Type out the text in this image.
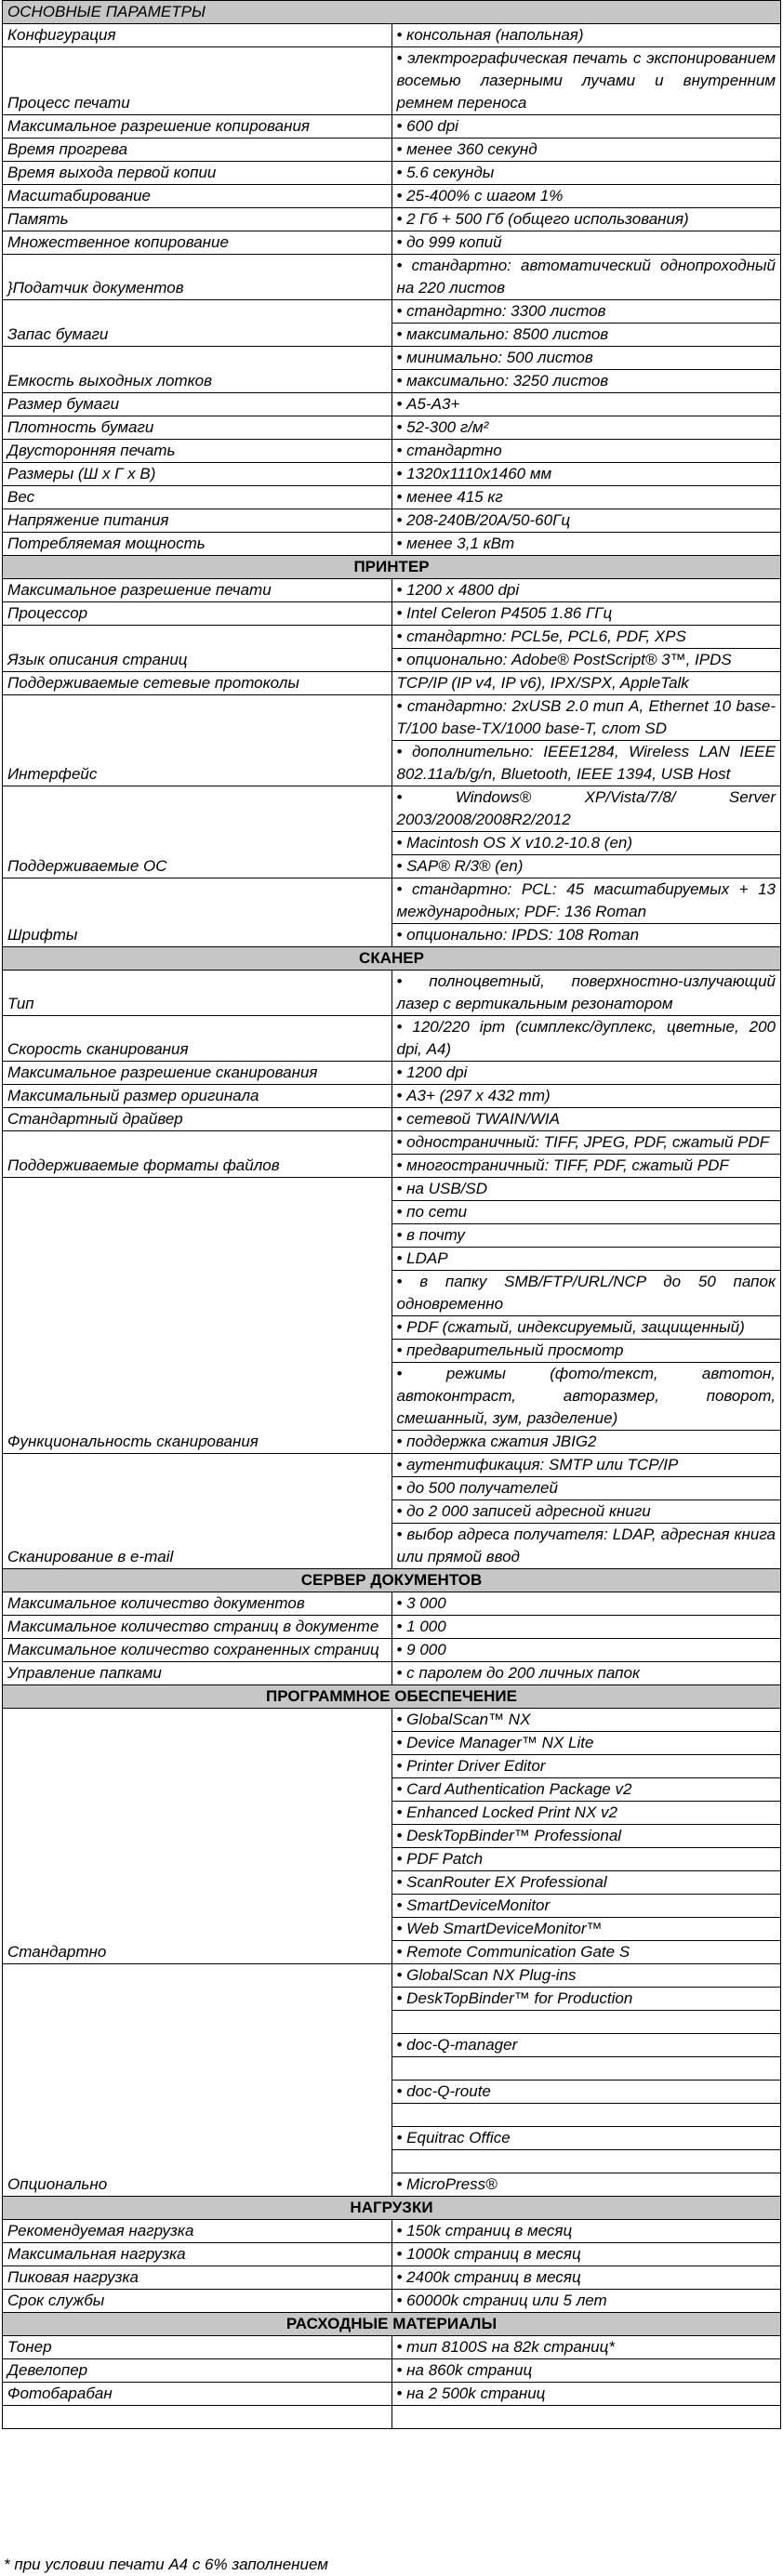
ОСНОВНЫЕ ПАРАМЕТРЫ	
Конфигурация	• консольная (напольная)
Процесс печати	• электрографическая печать с экспонированием восемью лазерными лучами и внутренним ремнем переноса
Максимальное разрешение копирования	• 600 dpi
Время прогрева	• менее 360 секунд
Время выхода первой копии	• 5.6 секунды
Масштабирование	• 25-400% с шагом 1%
Память	• 2 Гб + 500 Гб (общего использования)
Множественное копирование	• до 999 копий
}Податчик документов	• стандартно: автоматический однопроходный на 220 листов
Запас бумаги	• стандартно: 3300 листов
	• максимально: 8500 листов
Емкость выходных лотков	• минимально: 500 листов
	• максимально: 3250 листов
Размер бумаги	• А5-А3+
Плотность бумаги	• 52-300 г/м²
Двусторонняя печать	• стандартно
Размеры (Ш х Г х В)	• 1320х1110х1460 мм
Вес	• менее 415 кг
Напряжение питания	• 208-240В/20А/50-60Гц
Потребляемая мощность	• менее 3,1 кВт
ПРИНТЕР	
Максимальное разрешение печати	• 1200 x 4800 dpi
Процессор	• Intel Celeron P4505 1.86 ГГц
Язык описания страниц	• стандартно: PCL5e, PCL6, PDF, XPS
	• опционально: Adobe® PostScript® 3™, IPDS
Поддерживаемые сетевые протоколы	TCP/IP (IP v4, IP v6), IPX/SPX, AppleTalk
Интерфейс	• стандартно: 2xUSB 2.0 тип А, Ethernet 10 base-T/100 base-TX/1000 base-T, слот SD
	• дополнительно: IEEE1284, Wireless LAN IEEE 802.11a/b/g/n, Bluetooth, IEEE 1394, USB Host
Поддерживаемые ОС	• Windows® XP/Vista/7/8/ Server 2003/2008/2008R2/2012
	• Macintosh OS X v10.2-10.8 (en)
	• SAP® R/3® (en)
Шрифты	• стандартно: PCL: 45 масштабируемых + 13 международных; PDF: 136 Roman
	• опционально: IPDS: 108 Roman
СКАНЕР	
Тип	• полноцветный, поверхностно-излучающий лазер с вертикальным резонатором
Скорость сканирования	• 120/220 ipm (симплекс/дуплекс, цветные, 200 dpi, А4)
Максимальное разрешение сканирования	• 1200 dpi
Максимальный размер оригинала	• А3+ (297 x 432 mm)
Стандартный драйвер	• сетевой TWAIN/WIA
Поддерживаемые форматы файлов	• одностраничный: TIFF, JPEG, PDF, сжатый PDF
	• многостраничный: TIFF, PDF, сжатый PDF
Функциональность сканирования	• на USB/SD
	• по сети
	• в почту
	• LDAP
	• в папку SMB/FTP/URL/NCP до 50 папок одновременно
	• PDF (сжатый, индексируемый, защищенный)
	• предварительный просмотр
	• режимы (фото/текст, автотон, автоконтраст, авторазмер, поворот, смешанный, зум, разделение)
	• поддержка сжатия JBIG2
Сканирование в e-mail	• аутентификация: SMTP или TCP/IP
	• до 500 получателей
	• до 2 000 записей адресной книги
	• выбор адреса получателя: LDAP, адресная книга или прямой ввод
СЕРВЕР ДОКУМЕНТОВ	
Максимальное количество документов	• 3 000
Максимальное количество страниц в документе	• 1 000
Максимальное количество сохраненных страниц	• 9 000
Управление папками	• с паролем до 200 личных папок
ПРОГРАММНОЕ ОБЕСПЕЧЕНИЕ	
Стандартно	• GlobalScan™ NX
	• Device Manager™ NX Lite
	• Printer Driver Editor
	• Card Authentication Package v2
	• Enhanced Locked Print NX v2
	• DeskTopBinder™ Professional
	• PDF Patch
	• ScanRouter EX Professional
	• SmartDeviceMonitor
	• Web SmartDeviceMonitor™
	• Remote Communication Gate S
Опционально	• GlobalScan NX Plug-ins
	• DeskTopBinder™ for Production

	• doc-Q-manager

	• doc-Q-route

	• Equitrac Office

	• MicroPress®
НАГРУЗКИ	
Рекомендуемая нагрузка	• 150k страниц в месяц
Максимальная нагрузка	• 1000k страниц в месяц
Пиковая нагрузка	• 2400k страниц в месяц
Срок службы	• 60000k страниц или 5 лет
РАСХОДНЫЕ МАТЕРИАЛЫ	
Тонер	• тип 8100S на 82k страниц*
Девелопер	• на 860k страниц
Фотобарабан	• на 2 500k страниц

* при условии печати А4 с 6% заполнением
